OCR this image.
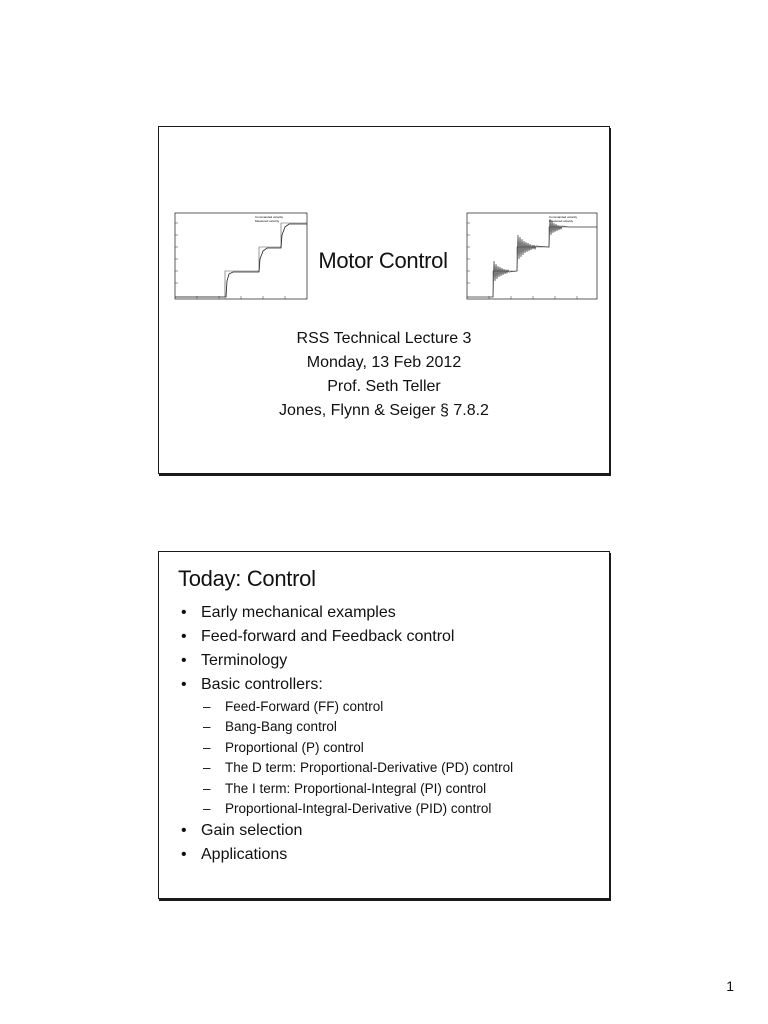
Commanded velocity
Measured velocity
Commanded velocity
Measured velocity
Motor Control
RSS Technical Lecture 3
Monday, 13 Feb 2012
Prof. Seth Teller
Jones, Flynn & Seiger § 7.8.2
Today: Control
• Early mechanical examples
• Feed-forward and Feedback control
• Terminology
• Basic controllers:
– Feed-Forward (FF) control
– Bang-Bang control
– Proportional (P) control
– The D term: Proportional-Derivative (PD) control
– The I term: Proportional-Integral (PI) control
– Proportional-Integral-Derivative (PID) control
• Gain selection
• Applications
1
